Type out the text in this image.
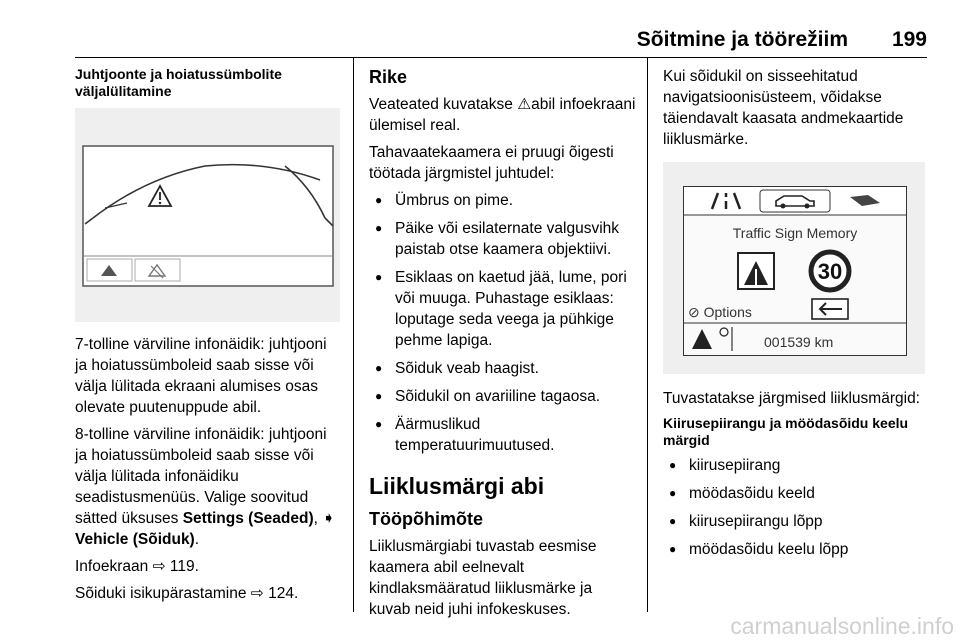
Sõitmine ja töörežiim 199
Juhtjoonte ja hoiatussümbolite väljalülitamine

7-tolline värviline infonäidik: juhtjooni ja hoiatussümboleid saab sisse või välja lülitada ekraani alumises osas olevate puutenuppude abil.

8-tolline värviline infonäidik: juhtjooni ja hoiatussümboleid saab sisse või välja lülitada infonäidiku seadistusmenüüs. Valige soovitud sätted üksuses Settings (Seaded), ➧ Vehicle (Sõiduk).

Infoekraan ⇨ 119.

Sõiduki isikupärastamine ⇨ 124.

Rike

Veateated kuvatakse ⚠abil infoekraani ülemisel real.

Tahavaatekaamera ei pruugi õigesti töötada järgmistel juhtudel:

● Ümbrus on pime.
● Päike või esilaternate valgusvihk paistab otse kaamera objektiivi.
● Esiklaas on kaetud jää, lume, pori või muuga. Puhastage esiklaas: loputage seda veega ja pühkige pehme lapiga.
● Sõiduk veab haagist.
● Sõidukil on avariiline tagaosa.
● Äärmuslikud temperatuurimuutused.
Liiklusmärgi abi
Tööpõhimõte

Liiklusmärgiabi tuvastab eesmise kaamera abil eelnevalt kindlaksmääratud liiklusmärke ja kuvab neid juhi infokeskuses.

Kui sõidukil on sisseehitatud navigatsioonisüsteem, võidakse täiendavalt kaasata andmekaartide liiklusmärke.

30
Traffic Sign Memory
⊘ Options
001539 km

Tuvastatakse järgmised liiklusmärgid:

Kiirusepiirangu ja möödasõidu keelu märgid
● kiirusepiirang
● möödasõidu keeld
● kiirusepiirangu lõpp
● möödasõidu keelu lõpp
carmanualsonline.info
